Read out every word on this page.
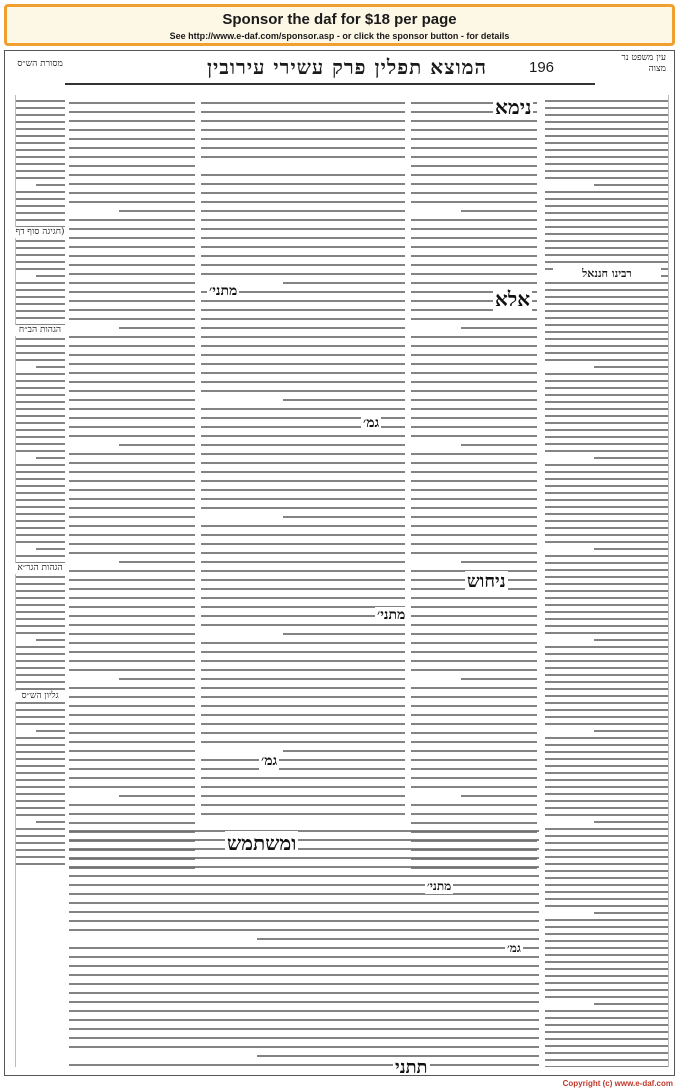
Sponsor the daf for $18 per page
See http://www.e-daf.com/sponsor.asp - or click the sponsor button - for details
מסורת הש״ס	המוצא תפלין פרק עשירי עירובין	196
עין משפט נר מצוה
רבינו חננאל
(חגיגה סוף דף
הגהות הב״ח
הגהות הגר״א
גליון הש״ס
נימא
אלא
מתני׳
גמ׳
ניחוש
מתני׳
גמ׳
ומשתמש
מתני׳
גמ׳
תתני
Copyright (c) www.e-daf.com
